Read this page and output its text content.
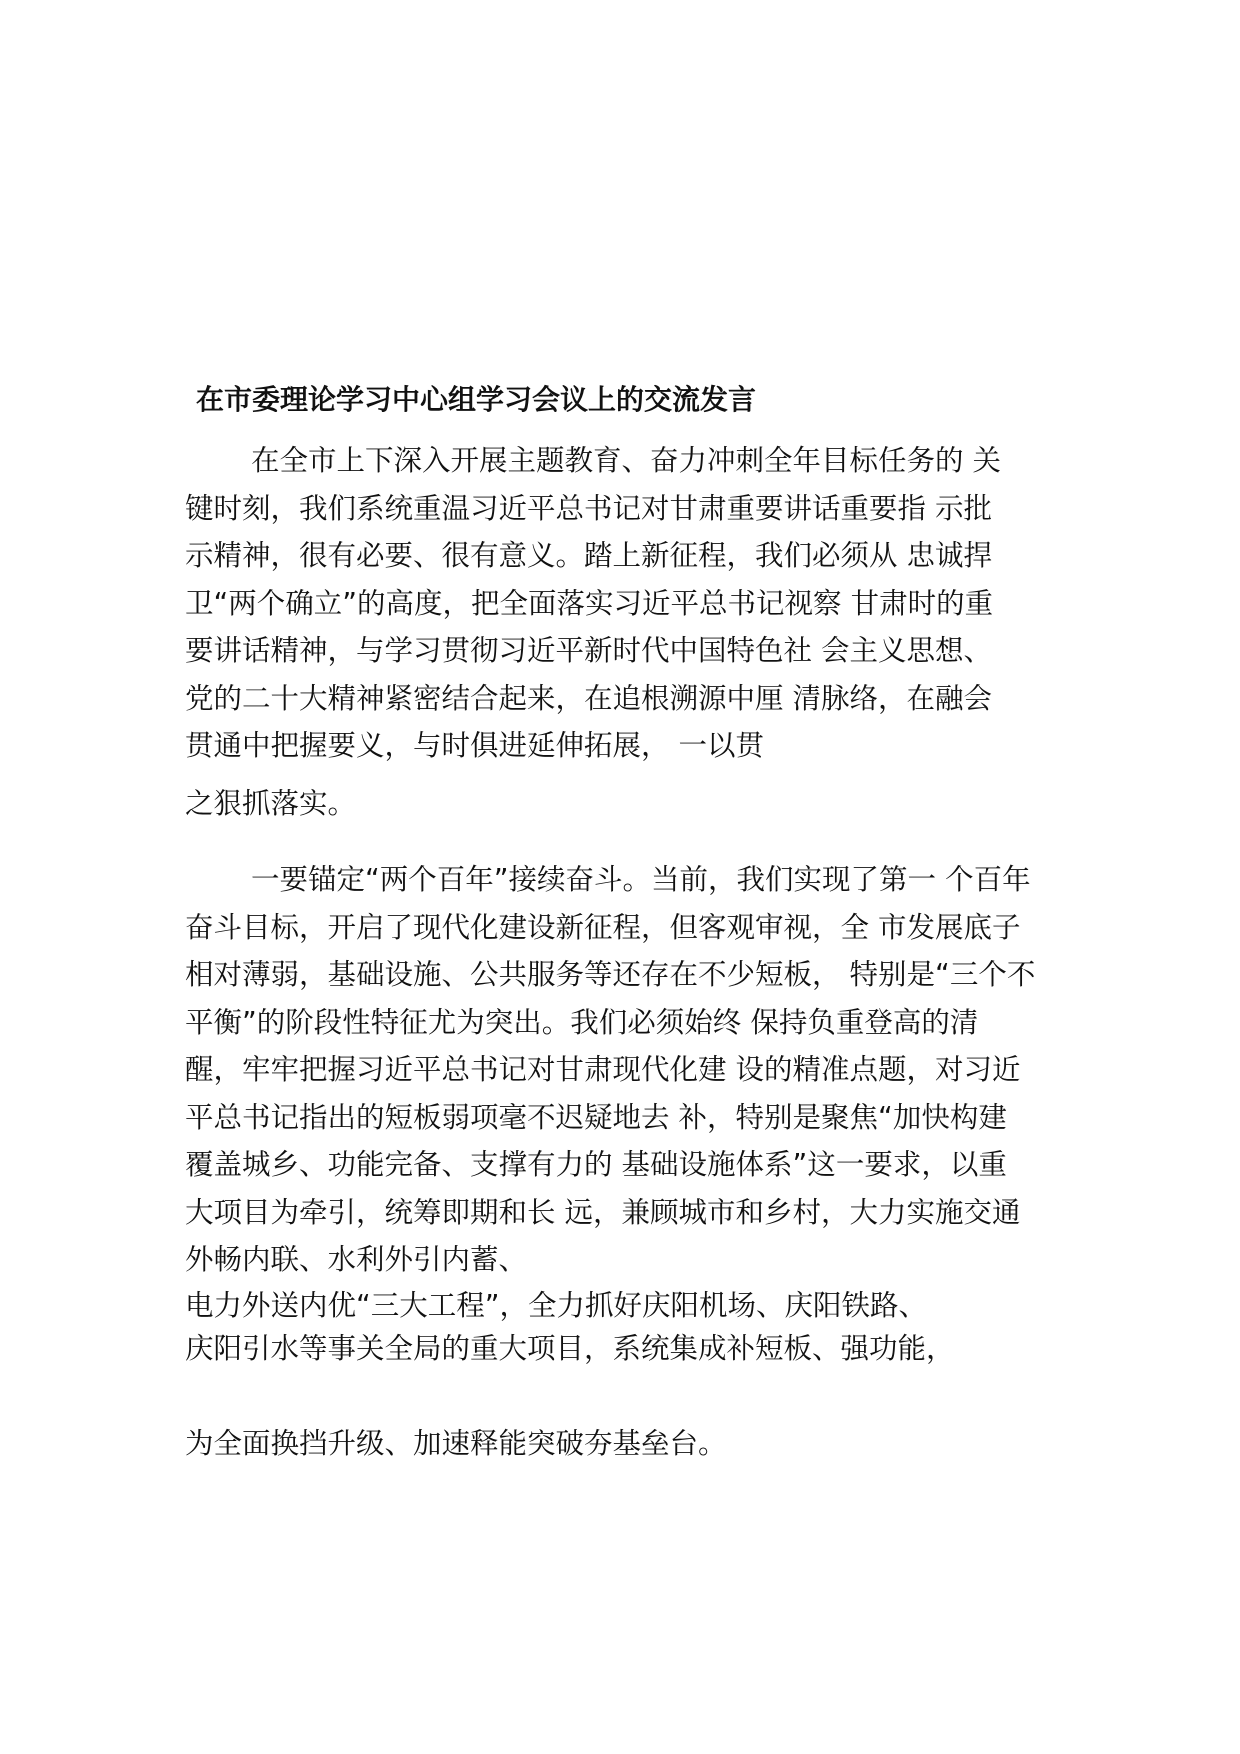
在市委理论学习中心组学习会议上的交流发言
在全市上下深入开展主题教育、奋力冲刺全年目标任务的 关
键时刻，我们系统重温习近平总书记对甘肃重要讲话重要指 示批
示精神，很有必要、很有意义。踏上新征程，我们必须从 忠诚捍
卫“两个确立”的高度，把全面落实习近平总书记视察 甘肃时的重
要讲话精神，与学习贯彻习近平新时代中国特色社 会主义思想、
党的二十大精神紧密结合起来，在追根溯源中厘 清脉络，在融会
贯通中把握要义，与时俱进延伸拓展， 一以贯
之狠抓落实。
一要锚定“两个百年”接续奋斗。当前，我们实现了第一 个百年
奋斗目标，开启了现代化建设新征程，但客观审视，全 市发展底子
相对薄弱，基础设施、公共服务等还存在不少短板， 特别是“三个不
平衡”的阶段性特征尤为突出。我们必须始终 保持负重登高的清
醒，牢牢把握习近平总书记对甘肃现代化建 设的精准点题，对习近
平总书记指出的短板弱项毫不迟疑地去 补，特别是聚焦“加快构建
覆盖城乡、功能完备、支撑有力的 基础设施体系”这一要求，以重
大项目为牵引，统筹即期和长 远，兼顾城市和乡村，大力实施交通
外畅内联、水利外引内蓄、
电力外送内优“三大工程”，全力抓好庆阳机场、庆阳铁路、
庆阳引水等事关全局的重大项目，系统集成补短板、强功能，
为全面换挡升级、加速释能突破夯基垒台。
